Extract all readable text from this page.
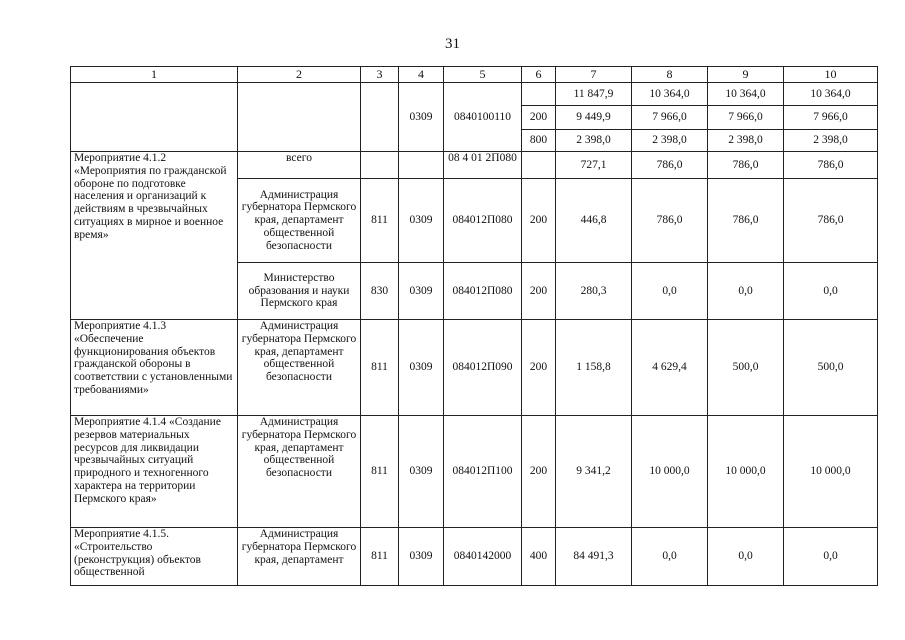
31
1	2	3	4	5	6	7	8	9	10
			0309	0840100110		11 847,9	10 364,0	10 364,0	10 364,0
					200	9 449,9	7 966,0	7 966,0	7 966,0
					800	2 398,0	2 398,0	2 398,0	2 398,0
Мероприятие 4.1.2 «Мероприятия по гражданской обороне по подготовке населения и организаций к действиям в чрезвычайных ситуациях в мирное и военное время»	всего			08 4 01 2П080		727,1	786,0	786,0	786,0
	Администрация губернатора Пермского края, департамент общественной безопасности	811	0309	084012П080	200	446,8	786,0	786,0	786,0
	Министерство образования и науки Пермского края	830	0309	084012П080	200	280,3	0,0	0,0	0,0
Мероприятие 4.1.3 «Обеспечение функционирования объектов гражданской обороны в соответствии с установленными требованиями»	Администрация губернатора Пермского края, департамент общественной безопасности	811	0309	084012П090	200	1 158,8	4 629,4	500,0	500,0
Мероприятие 4.1.4 «Создание резервов материальных ресурсов для ликвидации чрезвычайных ситуаций природного и техногенного характера на территории Пермского края»	Администрация губернатора Пермского края, департамент общественной безопасности	811	0309	084012П100	200	9 341,2	10 000,0	10 000,0	10 000,0
Мероприятие 4.1.5. «Строительство (реконструкция) объектов общественной	Администрация губернатора Пермского края, департамент	811	0309	0840142000	400	84 491,3	0,0	0,0	0,0
